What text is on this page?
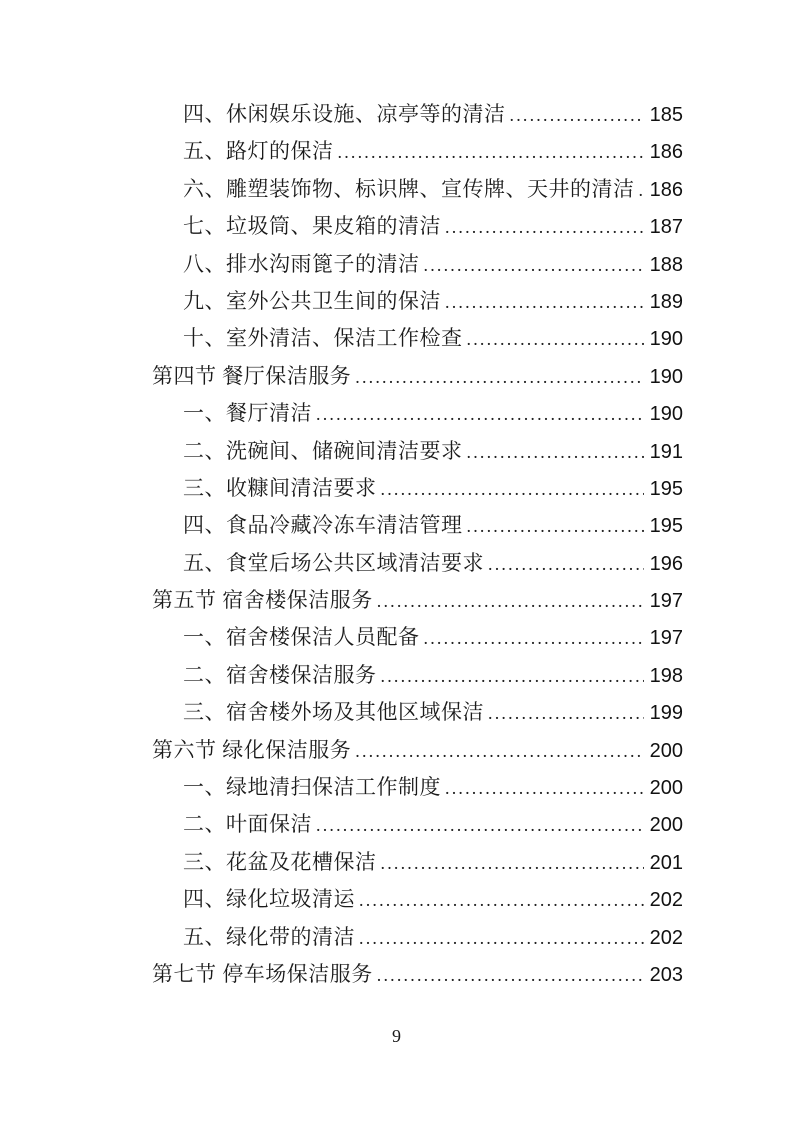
四、休闲娱乐设施、凉亭等的清洁 .....	185
五、路灯的保洁 .....	186
六、雕塑装饰物、标识牌、宣传牌、天井的清洁 ..... 186
七、垃圾筒、果皮箱的清洁 .....	187
八、排水沟雨篦子的清洁 .....	188
九、室外公共卫生间的保洁 .....	189
十、室外清洁、保洁工作检查 .....	190
第四节 餐厅保洁服务 .....	190
一、餐厅清洁 .....	190
二、洗碗间、储碗间清洁要求 .....	191
三、收糠间清洁要求 .....	195
四、食品冷藏冷冻车清洁管理 .....	195
五、食堂后场公共区域清洁要求 .....	196
第五节 宿舍楼保洁服务 .....	197
一、宿舍楼保洁人员配备 .....	197
二、宿舍楼保洁服务 .....	198
三、宿舍楼外场及其他区域保洁 .....	199
第六节 绿化保洁服务 .....	200
一、绿地清扫保洁工作制度 .....	200
二、叶面保洁 .....	200
三、花盆及花槽保洁 .....	201
四、绿化垃圾清运 .....	202
五、绿化带的清洁 .....	202
第七节 停车场保洁服务 .....	203
9
